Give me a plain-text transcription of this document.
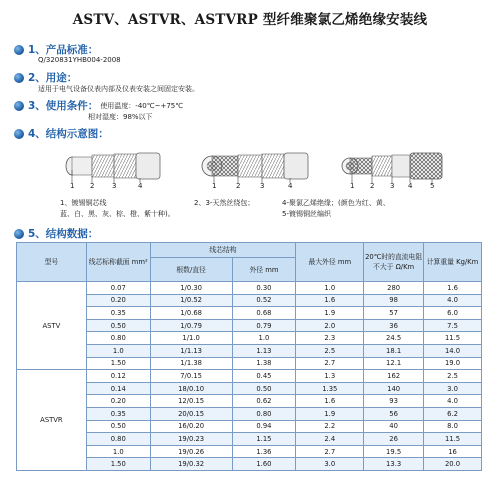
ASTV、ASTVR、ASTVRP 型纤维聚氯乙烯绝缘安装线
1、产品标准：
Q/320831YHB004-2008
2、用途：
适用于电气设备仪表内部及仪表安装之间固定安装。
3、使用条件： 使用温度：-40℃~+75℃
相对湿度：98%以下
4、结构示意图：
1 2	3	4	1	2	3	4	1 2 3 4	5
1、镀锡铜芯线
蓝、白、黑、灰、棕、橙、紫十种)。
2、3-天然丝绕包；	4-聚氯乙烯绝缘；(颜色为红、黄、
5-镀锡铜丝编织
5、结构数据：
型号	线芯标称截面 mm²	线芯结构		最大外径 mm	20℃时的直流电阻不大于 Ω/Km	计算重量 Kg/Km
		根数/直径	外径 mm			
ASTV	0.07	1/0.30	0.30	1.0	280	1.6
	0.20	1/0.52	0.52	1.6	98	4.0
	0.35	1/0.68	0.68	1.9	57	6.0
	0.50	1/0.79	0.79	2.0	36	7.5
	0.80	1/1.0	1.0	2.3	24.5	11.5
	1.0	1/1.13	1.13	2.5	18.1	14.0
	1.50	1/1.38	1.38	2.7	12.1	19.0
ASTVR	0.12	7/0.15	0.45	1.3	162	2.5
	0.14	18/0.10	0.50	1.35	140	3.0
	0.20	12/0.15	0.62	1.6	93	4.0
	0.35	20/0.15	0.80	1.9	56	6.2
	0.50	16/0.20	0.94	2.2	40	8.0
	0.80	19/0.23	1.15	2.4	26	11.5
	1.0	19/0.26	1.36	2.7	19.5	16
	1.50	19/0.32	1.60	3.0	13.3	20.0
